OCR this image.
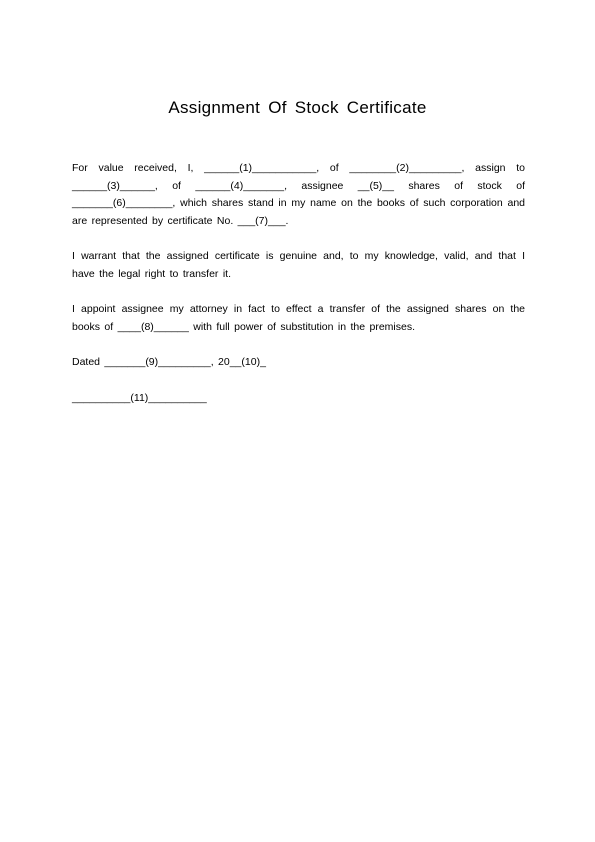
Assignment Of Stock Certificate

For value received, I, ______(1)___________, of ________(2)_________, assign to ______(3)______, of ______(4)_______, assignee __(5)__ shares of stock of _______(6)________, which shares stand in my name on the books of such corporation and are represented by certificate No. ___(7)___.

I warrant that the assigned certificate is genuine and, to my knowledge, valid, and that I have the legal right to transfer it.

I appoint assignee my attorney in fact to effect a transfer of the assigned shares on the books of ____(8)______ with full power of substitution in the premises.

Dated _______(9)_________, 20__(10)_
__________(11)__________
